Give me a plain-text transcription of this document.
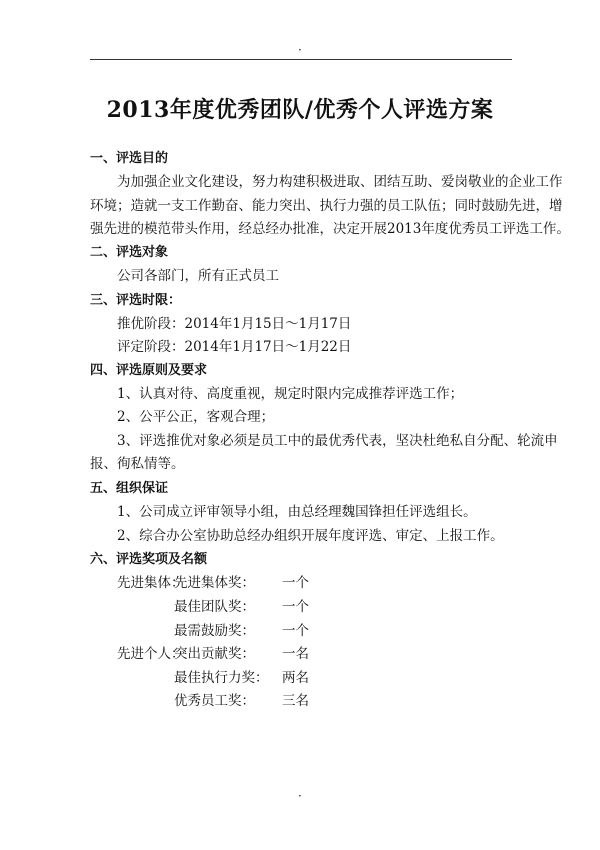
·
2013年度优秀团队/优秀个人评选方案
一、评选目的
为加强企业文化建设，努力构建积极进取、团结互助、爱岗敬业的企业工作
环境；造就一支工作勤奋、能力突出、执行力强的员工队伍；同时鼓励先进，增
强先进的模范带头作用，经总经办批准，决定开展2013年度优秀员工评选工作。
二、评选对象
公司各部门，所有正式员工
三、评选时限：
推优阶段：2014年1月15日～1月17日
评定阶段：2014年1月17日～1月22日
四、评选原则及要求
1、认真对待、高度重视，规定时限内完成推荐评选工作；
2、公平公正，客观合理；
3、评选推优对象必须是员工中的最优秀代表，坚决杜绝私自分配、轮流申
报、徇私情等。
五、组织保证
1、公司成立评审领导小组，由总经理魏国锋担任评选组长。
2、综合办公室协助总经办组织开展年度评选、审定、上报工作。
六、评选奖项及名额
先进集体：
先进集体奖： 一个
最佳团队奖： 一个
最需鼓励奖： 一个
先进个人：
突出贡献奖： 一名
最佳执行力奖： 两名
优秀员工奖： 三名
·
